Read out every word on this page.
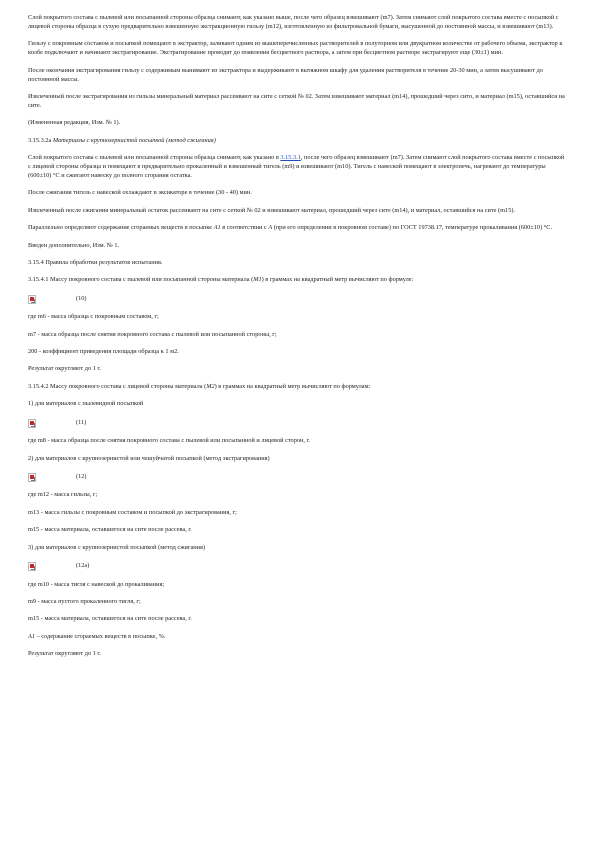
Слой покрытого состава с пылевой или посыпанной стороны образца снимают, как указано выше, после чего образец взвешивают (m7). Затем снимают слой покрытого состава вместе с посыпкой с лицевой стороны образца в сухую предварительно взвешенную экстракционную гильзу (m12), изготовленную из фильтровальной бумаги, высушенной до постоянной массы, и взвешивают (m13).

Гильзу с покровным составом и посыпкой помещают в экстрактор, заливают одним из вышеперечисленных растворителей в полуторном или двукратном количестве от рабочего объема, экстрактор к колбе подключают и начинают экстрагирование. Экстрагирование проводят до появления бесцветного раствора, а затем при бесцветном растворе экстрагируют еще (30±1) мин.

После окончания экстрагирования гильзу с содержимым вынимают из экстрактора и выдерживают в вытяжном шкафу для удаления растворителя в течение 20-30 мин, а затем высушивают до постоянной массы.

Извлеченный после экстрагирования из гильзы минеральный материал рассеивают на сите с сеткой № 02. Затем взвешивают материал (m14), прошедший через сито, и материал (m15), оставшийся на сите.

(Измененная редакция, Изм. № 1).

3.15.3.2а Материалы с крупнозернистой посыпкой (метод сжигания)

Слой покрытого состава с пылевой или посыпанной стороны образца снимают, как указано в 3.15.3.1, после чего образец взвешивают (m7). Затем снимают слой покрытого состава вместе с посыпкой с лицевой стороны образца и помещают в предварительно прокаленный и взвешенный тигель (m9) и взвешивают (m10). Тигель с навеской помещают в электропечь, нагревают до температуры (600±10) °С и сжигают навеску до полного сгорания остатка.

После сжигания тигель с навеской охлаждают в эксикаторе в течение (30 - 40) мин.

Извлеченный после сжигания минеральный остаток рассеивают на сите с сеткой № 02 и взвешивают материал, прошедший через сито (m14), и материал, оставшийся на сите (m15).

Параллельно определяют содержание сгораемых веществ в посыпке А1 в соответствии с А (при его определении в покровном составе) по ГОСТ 19738.17, температуре прокаливания (600±10) °С.

Введен дополнительно, Изм. № 1.

3.15.4 Правила обработки результатов испытания.

3.15.4.1 Массу покровного состава с пылевой или посыпанной стороны материала (M1) в граммах на квадратный метр вычисляют по формуле:

(10)

где m6 - масса образца с покровным составом, г;

m7 - масса образца после снятия покровного состава с пылевой или посыпанной стороны, г;

200 - коэффициент приведения площади образца к 1 м2.

Результат округляют до 1 г.

3.15.4.2 Массу покровного состава с лицевой стороны материала (M2) в граммах на квадратный метр вычисляют по формулам:

1) для материалов с пылевидной посыпкой

(11)

где m8 - масса образца после снятия покровного состава с пылевой или посыпанной и лицевой сторон, г.

2) для материалов с крупнозернистой или чешуйчатой посыпкой (метод экстрагирования)

(12)

где m12 - масса гильзы, г;

m13 - масса гильзы с покровным составом и посыпкой до экстрагирования, г;

m15 - масса материала, оставшегося на сите после рассева, г.

3) для материалов с крупнозернистой посыпкой (метод сжигания)

(12а)

где m10 - масса тигля с навеской до прокаливания;

m9 - масса пустого прокаленного тигля, г;

m15 - масса материала, оставшегося на сите после рассева, г.

А1 – содержание сгораемых веществ в посыпке, %.

Результат округляют до 1 г.
